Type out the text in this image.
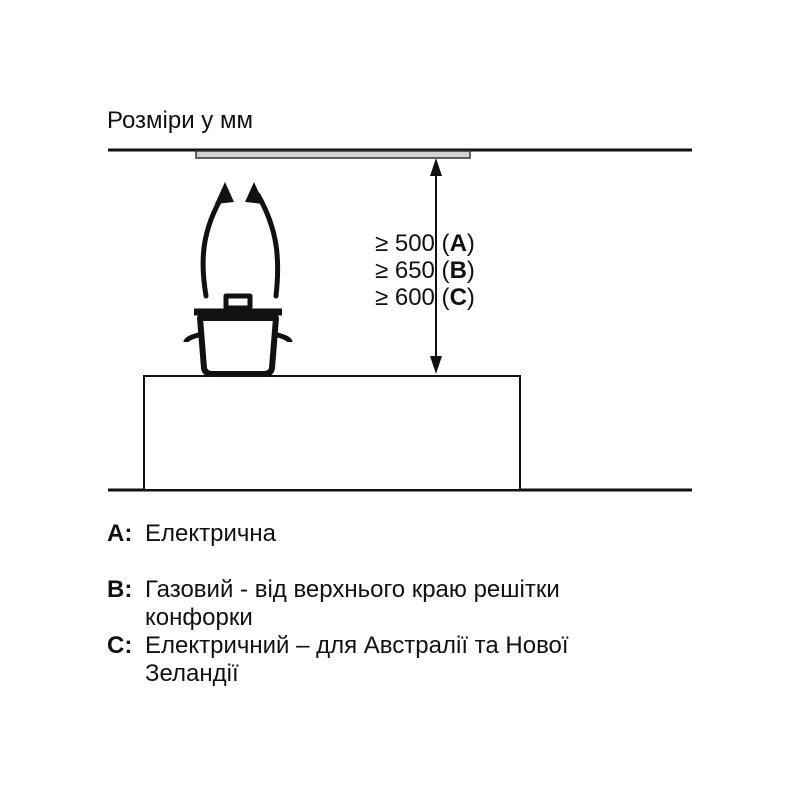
Розміри у мм
≥ 500 (A)
≥ 650 (B)
≥ 600 (C)
A: Електрична
B: Газовий - від верхнього краю решітки конфорки
C: Електричний – для Австралії та Нової Зеландії
